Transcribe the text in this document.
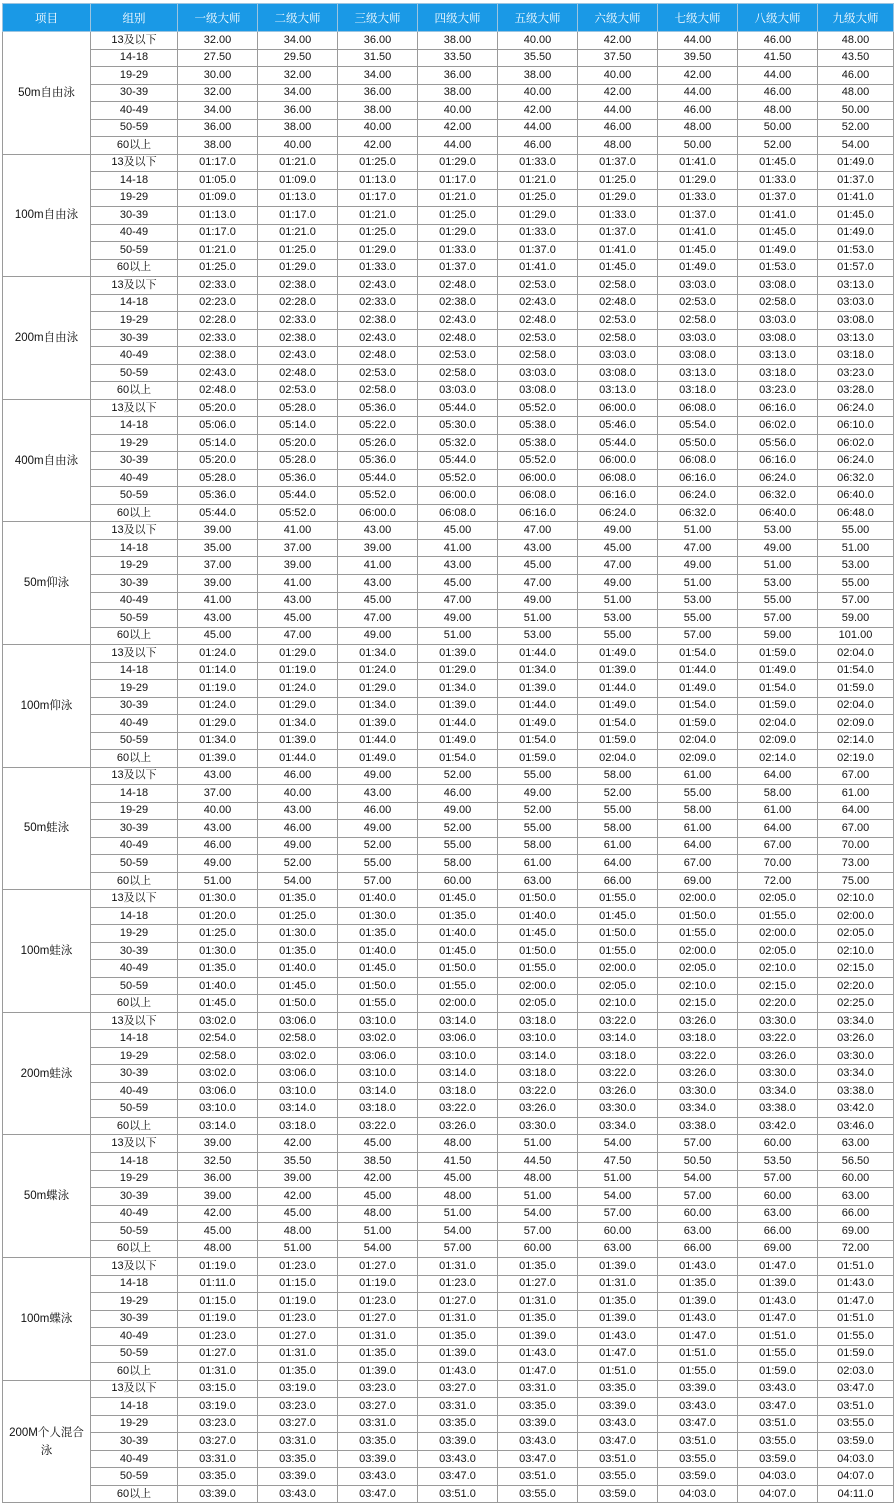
项目	组别	一级大师	二级大师	三级大师	四级大师	五级大师	六级大师	七级大师	八级大师	九级大师
50m自由泳	13及以下	32.00	34.00	36.00	38.00	40.00	42.00	44.00	46.00	48.00
	14-18	27.50	29.50	31.50	33.50	35.50	37.50	39.50	41.50	43.50
	19-29	30.00	32.00	34.00	36.00	38.00	40.00	42.00	44.00	46.00
	30-39	32.00	34.00	36.00	38.00	40.00	42.00	44.00	46.00	48.00
	40-49	34.00	36.00	38.00	40.00	42.00	44.00	46.00	48.00	50.00
	50-59	36.00	38.00	40.00	42.00	44.00	46.00	48.00	50.00	52.00
	60以上	38.00	40.00	42.00	44.00	46.00	48.00	50.00	52.00	54.00
100m自由泳	13及以下	01:17.0	01:21.0	01:25.0	01:29.0	01:33.0	01:37.0	01:41.0	01:45.0	01:49.0
	14-18	01:05.0	01:09.0	01:13.0	01:17.0	01:21.0	01:25.0	01:29.0	01:33.0	01:37.0
	19-29	01:09.0	01:13.0	01:17.0	01:21.0	01:25.0	01:29.0	01:33.0	01:37.0	01:41.0
	30-39	01:13.0	01:17.0	01:21.0	01:25.0	01:29.0	01:33.0	01:37.0	01:41.0	01:45.0
	40-49	01:17.0	01:21.0	01:25.0	01:29.0	01:33.0	01:37.0	01:41.0	01:45.0	01:49.0
	50-59	01:21.0	01:25.0	01:29.0	01:33.0	01:37.0	01:41.0	01:45.0	01:49.0	01:53.0
	60以上	01:25.0	01:29.0	01:33.0	01:37.0	01:41.0	01:45.0	01:49.0	01:53.0	01:57.0
200m自由泳	13及以下	02:33.0	02:38.0	02:43.0	02:48.0	02:53.0	02:58.0	03:03.0	03:08.0	03:13.0
	14-18	02:23.0	02:28.0	02:33.0	02:38.0	02:43.0	02:48.0	02:53.0	02:58.0	03:03.0
	19-29	02:28.0	02:33.0	02:38.0	02:43.0	02:48.0	02:53.0	02:58.0	03:03.0	03:08.0
	30-39	02:33.0	02:38.0	02:43.0	02:48.0	02:53.0	02:58.0	03:03.0	03:08.0	03:13.0
	40-49	02:38.0	02:43.0	02:48.0	02:53.0	02:58.0	03:03.0	03:08.0	03:13.0	03:18.0
	50-59	02:43.0	02:48.0	02:53.0	02:58.0	03:03.0	03:08.0	03:13.0	03:18.0	03:23.0
	60以上	02:48.0	02:53.0	02:58.0	03:03.0	03:08.0	03:13.0	03:18.0	03:23.0	03:28.0
400m自由泳	13及以下	05:20.0	05:28.0	05:36.0	05:44.0	05:52.0	06:00.0	06:08.0	06:16.0	06:24.0
	14-18	05:06.0	05:14.0	05:22.0	05:30.0	05:38.0	05:46.0	05:54.0	06:02.0	06:10.0
	19-29	05:14.0	05:20.0	05:26.0	05:32.0	05:38.0	05:44.0	05:50.0	05:56.0	06:02.0
	30-39	05:20.0	05:28.0	05:36.0	05:44.0	05:52.0	06:00.0	06:08.0	06:16.0	06:24.0
	40-49	05:28.0	05:36.0	05:44.0	05:52.0	06:00.0	06:08.0	06:16.0	06:24.0	06:32.0
	50-59	05:36.0	05:44.0	05:52.0	06:00.0	06:08.0	06:16.0	06:24.0	06:32.0	06:40.0
	60以上	05:44.0	05:52.0	06:00.0	06:08.0	06:16.0	06:24.0	06:32.0	06:40.0	06:48.0
50m仰泳	13及以下	39.00	41.00	43.00	45.00	47.00	49.00	51.00	53.00	55.00
	14-18	35.00	37.00	39.00	41.00	43.00	45.00	47.00	49.00	51.00
	19-29	37.00	39.00	41.00	43.00	45.00	47.00	49.00	51.00	53.00
	30-39	39.00	41.00	43.00	45.00	47.00	49.00	51.00	53.00	55.00
	40-49	41.00	43.00	45.00	47.00	49.00	51.00	53.00	55.00	57.00
	50-59	43.00	45.00	47.00	49.00	51.00	53.00	55.00	57.00	59.00
	60以上	45.00	47.00	49.00	51.00	53.00	55.00	57.00	59.00	101.00
100m仰泳	13及以下	01:24.0	01:29.0	01:34.0	01:39.0	01:44.0	01:49.0	01:54.0	01:59.0	02:04.0
	14-18	01:14.0	01:19.0	01:24.0	01:29.0	01:34.0	01:39.0	01:44.0	01:49.0	01:54.0
	19-29	01:19.0	01:24.0	01:29.0	01:34.0	01:39.0	01:44.0	01:49.0	01:54.0	01:59.0
	30-39	01:24.0	01:29.0	01:34.0	01:39.0	01:44.0	01:49.0	01:54.0	01:59.0	02:04.0
	40-49	01:29.0	01:34.0	01:39.0	01:44.0	01:49.0	01:54.0	01:59.0	02:04.0	02:09.0
	50-59	01:34.0	01:39.0	01:44.0	01:49.0	01:54.0	01:59.0	02:04.0	02:09.0	02:14.0
	60以上	01:39.0	01:44.0	01:49.0	01:54.0	01:59.0	02:04.0	02:09.0	02:14.0	02:19.0
50m蛙泳	13及以下	43.00	46.00	49.00	52.00	55.00	58.00	61.00	64.00	67.00
	14-18	37.00	40.00	43.00	46.00	49.00	52.00	55.00	58.00	61.00
	19-29	40.00	43.00	46.00	49.00	52.00	55.00	58.00	61.00	64.00
	30-39	43.00	46.00	49.00	52.00	55.00	58.00	61.00	64.00	67.00
	40-49	46.00	49.00	52.00	55.00	58.00	61.00	64.00	67.00	70.00
	50-59	49.00	52.00	55.00	58.00	61.00	64.00	67.00	70.00	73.00
	60以上	51.00	54.00	57.00	60.00	63.00	66.00	69.00	72.00	75.00
100m蛙泳	13及以下	01:30.0	01:35.0	01:40.0	01:45.0	01:50.0	01:55.0	02:00.0	02:05.0	02:10.0
	14-18	01:20.0	01:25.0	01:30.0	01:35.0	01:40.0	01:45.0	01:50.0	01:55.0	02:00.0
	19-29	01:25.0	01:30.0	01:35.0	01:40.0	01:45.0	01:50.0	01:55.0	02:00.0	02:05.0
	30-39	01:30.0	01:35.0	01:40.0	01:45.0	01:50.0	01:55.0	02:00.0	02:05.0	02:10.0
	40-49	01:35.0	01:40.0	01:45.0	01:50.0	01:55.0	02:00.0	02:05.0	02:10.0	02:15.0
	50-59	01:40.0	01:45.0	01:50.0	01:55.0	02:00.0	02:05.0	02:10.0	02:15.0	02:20.0
	60以上	01:45.0	01:50.0	01:55.0	02:00.0	02:05.0	02:10.0	02:15.0	02:20.0	02:25.0
200m蛙泳	13及以下	03:02.0	03:06.0	03:10.0	03:14.0	03:18.0	03:22.0	03:26.0	03:30.0	03:34.0
	14-18	02:54.0	02:58.0	03:02.0	03:06.0	03:10.0	03:14.0	03:18.0	03:22.0	03:26.0
	19-29	02:58.0	03:02.0	03:06.0	03:10.0	03:14.0	03:18.0	03:22.0	03:26.0	03:30.0
	30-39	03:02.0	03:06.0	03:10.0	03:14.0	03:18.0	03:22.0	03:26.0	03:30.0	03:34.0
	40-49	03:06.0	03:10.0	03:14.0	03:18.0	03:22.0	03:26.0	03:30.0	03:34.0	03:38.0
	50-59	03:10.0	03:14.0	03:18.0	03:22.0	03:26.0	03:30.0	03:34.0	03:38.0	03:42.0
	60以上	03:14.0	03:18.0	03:22.0	03:26.0	03:30.0	03:34.0	03:38.0	03:42.0	03:46.0
50m蝶泳	13及以下	39.00	42.00	45.00	48.00	51.00	54.00	57.00	60.00	63.00
	14-18	32.50	35.50	38.50	41.50	44.50	47.50	50.50	53.50	56.50
	19-29	36.00	39.00	42.00	45.00	48.00	51.00	54.00	57.00	60.00
	30-39	39.00	42.00	45.00	48.00	51.00	54.00	57.00	60.00	63.00
	40-49	42.00	45.00	48.00	51.00	54.00	57.00	60.00	63.00	66.00
	50-59	45.00	48.00	51.00	54.00	57.00	60.00	63.00	66.00	69.00
	60以上	48.00	51.00	54.00	57.00	60.00	63.00	66.00	69.00	72.00
100m蝶泳	13及以下	01:19.0	01:23.0	01:27.0	01:31.0	01:35.0	01:39.0	01:43.0	01:47.0	01:51.0
	14-18	01:11.0	01:15.0	01:19.0	01:23.0	01:27.0	01:31.0	01:35.0	01:39.0	01:43.0
	19-29	01:15.0	01:19.0	01:23.0	01:27.0	01:31.0	01:35.0	01:39.0	01:43.0	01:47.0
	30-39	01:19.0	01:23.0	01:27.0	01:31.0	01:35.0	01:39.0	01:43.0	01:47.0	01:51.0
	40-49	01:23.0	01:27.0	01:31.0	01:35.0	01:39.0	01:43.0	01:47.0	01:51.0	01:55.0
	50-59	01:27.0	01:31.0	01:35.0	01:39.0	01:43.0	01:47.0	01:51.0	01:55.0	01:59.0
	60以上	01:31.0	01:35.0	01:39.0	01:43.0	01:47.0	01:51.0	01:55.0	01:59.0	02:03.0
200M个人混合泳	13及以下	03:15.0	03:19.0	03:23.0	03:27.0	03:31.0	03:35.0	03:39.0	03:43.0	03:47.0
	14-18	03:19.0	03:23.0	03:27.0	03:31.0	03:35.0	03:39.0	03:43.0	03:47.0	03:51.0
	19-29	03:23.0	03:27.0	03:31.0	03:35.0	03:39.0	03:43.0	03:47.0	03:51.0	03:55.0
	30-39	03:27.0	03:31.0	03:35.0	03:39.0	03:43.0	03:47.0	03:51.0	03:55.0	03:59.0
	40-49	03:31.0	03:35.0	03:39.0	03:43.0	03:47.0	03:51.0	03:55.0	03:59.0	04:03.0
	50-59	03:35.0	03:39.0	03:43.0	03:47.0	03:51.0	03:55.0	03:59.0	04:03.0	04:07.0
	60以上	03:39.0	03:43.0	03:47.0	03:51.0	03:55.0	03:59.0	04:03.0	04:07.0	04:11.0
